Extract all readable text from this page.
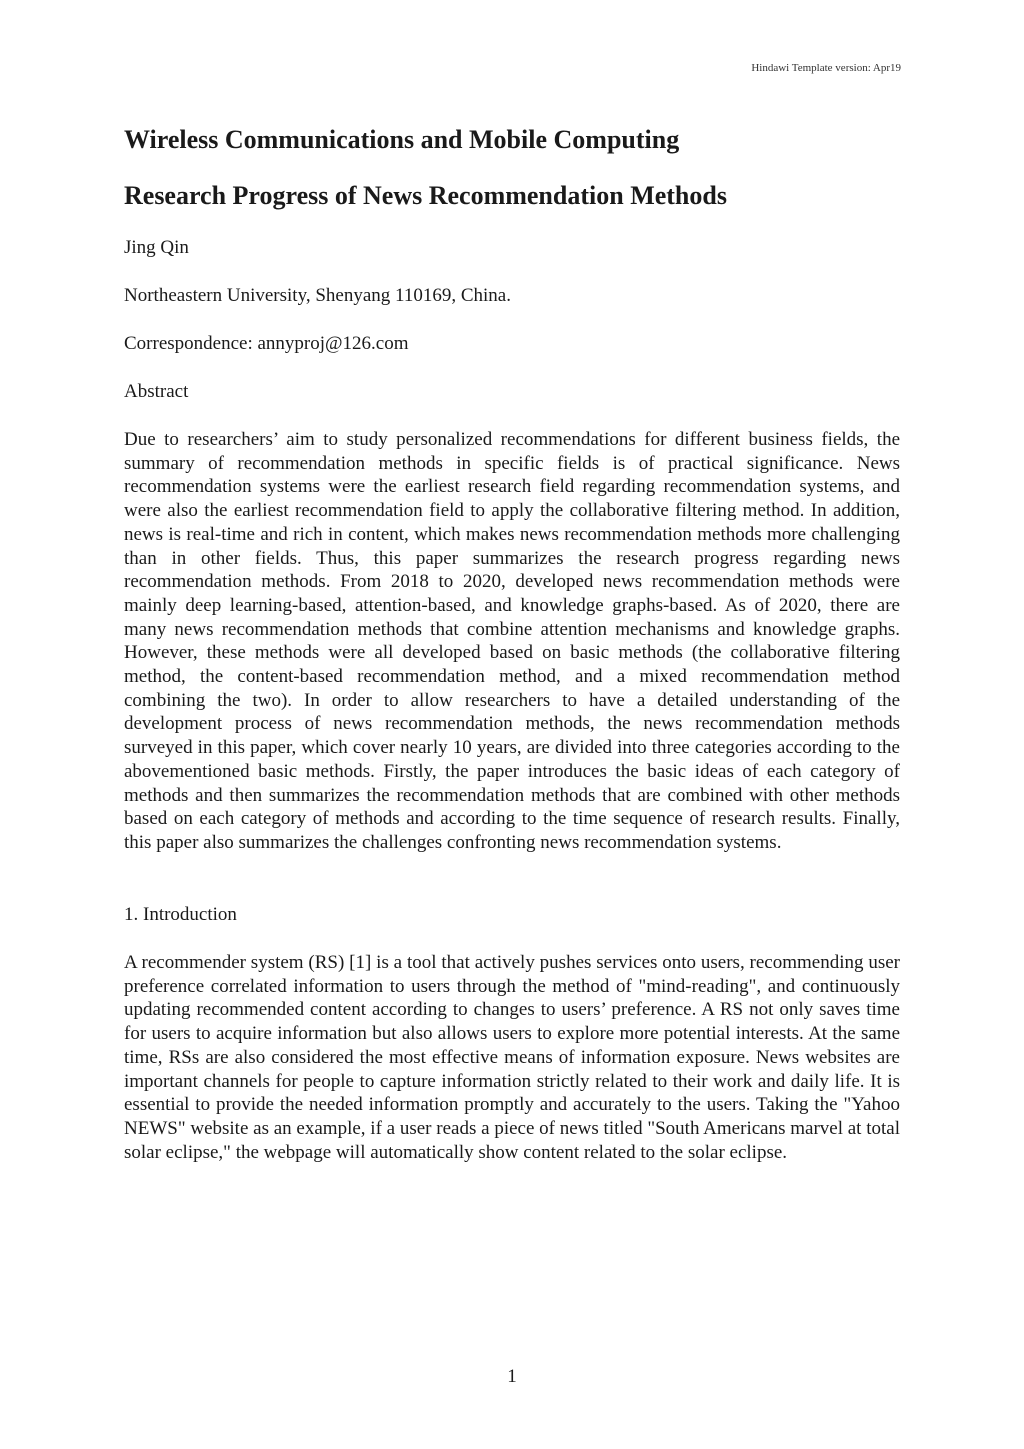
Hindawi Template version: Apr19
Wireless Communications and Mobile Computing
Research Progress of News Recommendation Methods

Jing Qin

Northeastern University, Shenyang 110169, China.

Correspondence: annyproj@126.com

Abstract

Due to researchers’ aim to study personalized recommendations for different business fields, the summary of recommendation methods in specific fields is of practical significance. News recommendation systems were the earliest research field regarding recommendation systems, and were also the earliest recommendation field to apply the collaborative filtering method. In addition, news is real-time and rich in content, which makes news recommendation methods more challenging than in other fields. Thus, this paper summarizes the research progress regarding news recommendation methods. From 2018 to 2020, developed news recommendation methods were mainly deep learning-based, attention-based, and knowledge graphs-based. As of 2020, there are many news recommendation methods that combine attention mechanisms and knowledge graphs. However, these methods were all developed based on basic methods (the collaborative filtering method, the content-based recommendation method, and a mixed recommendation method combining the two). In order to allow researchers to have a detailed understanding of the development process of news recommendation methods, the news recommendation methods surveyed in this paper, which cover nearly 10 years, are divided into three categories according to the abovementioned basic methods. Firstly, the paper introduces the basic ideas of each category of methods and then summarizes the recommendation methods that are combined with other methods based on each category of methods and according to the time sequence of research results. Finally, this paper also summarizes the challenges confronting news recommendation systems.

1. Introduction

A recommender system (RS) [1] is a tool that actively pushes services onto users, recommending user preference correlated information to users through the method of "mind-reading", and continuously updating recommended content according to changes to users’ preference. A RS not only saves time for users to acquire information but also allows users to explore more potential interests. At the same time, RSs are also considered the most effective means of information exposure. News websites are important channels for people to capture information strictly related to their work and daily life. It is essential to provide the needed information promptly and accurately to the users. Taking the "Yahoo NEWS" website as an example, if a user reads a piece of news titled "South Americans marvel at total solar eclipse," the webpage will automatically show content related to the solar eclipse.

1
